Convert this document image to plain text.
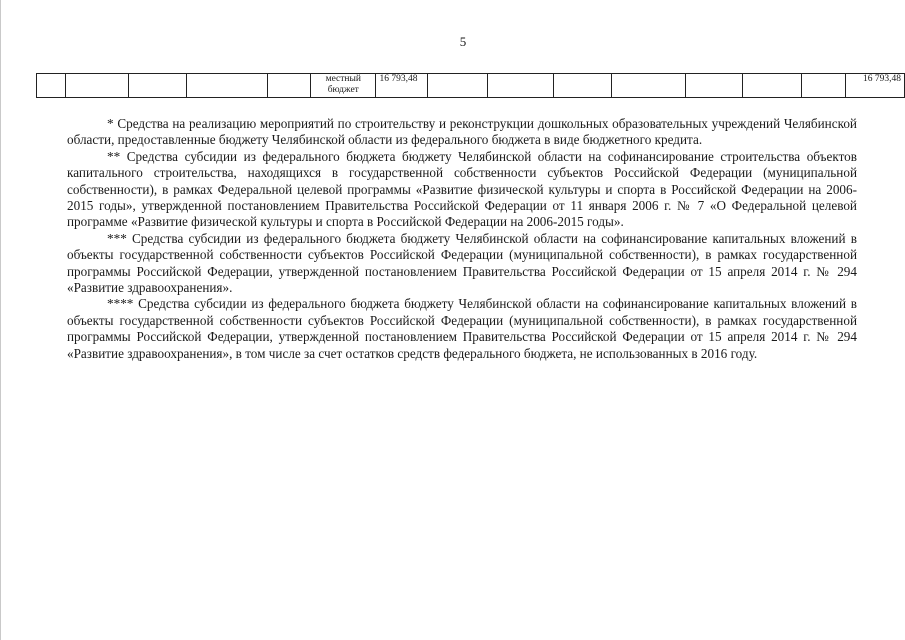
5
					местный бюджет	16 793,48								16 793,48

* Средства на реализацию мероприятий по строительству и реконструкции дошкольных образовательных учреждений Челябинской области, предоставленные бюджету Челябинской области из федерального бюджета в виде бюджетного кредита.

** Средства субсидии из федерального бюджета бюджету Челябинской области на софинансирование строительства объектов капитального строительства, находящихся в государственной собственности субъектов Российской Федерации (муниципальной собственности), в рамках Федеральной целевой программы «Развитие физической культуры и спорта в Российской Федерации на 2006-2015 годы», утвержденной постановлением Правительства Российской Федерации от 11 января 2006 г. № 7 «О Федеральной целевой программе «Развитие физической культуры и спорта в Российской Федерации на 2006-2015 годы».

*** Средства субсидии из федерального бюджета бюджету Челябинской области на софинансирование капитальных вложений в объекты государственной собственности субъектов Российской Федерации (муниципальной собственности), в рамках государственной программы Российской Федерации, утвержденной постановлением Правительства Российской Федерации от 15 апреля 2014 г. № 294 «Развитие здравоохранения».

**** Средства субсидии из федерального бюджета бюджету Челябинской области на софинансирование капитальных вложений в объекты государственной собственности субъектов Российской Федерации (муниципальной собственности), в рамках государственной программы Российской Федерации, утвержденной постановлением Правительства Российской Федерации от 15 апреля 2014 г. № 294 «Развитие здравоохранения», в том числе за счет остатков средств федерального бюджета, не использованных в 2016 году.
